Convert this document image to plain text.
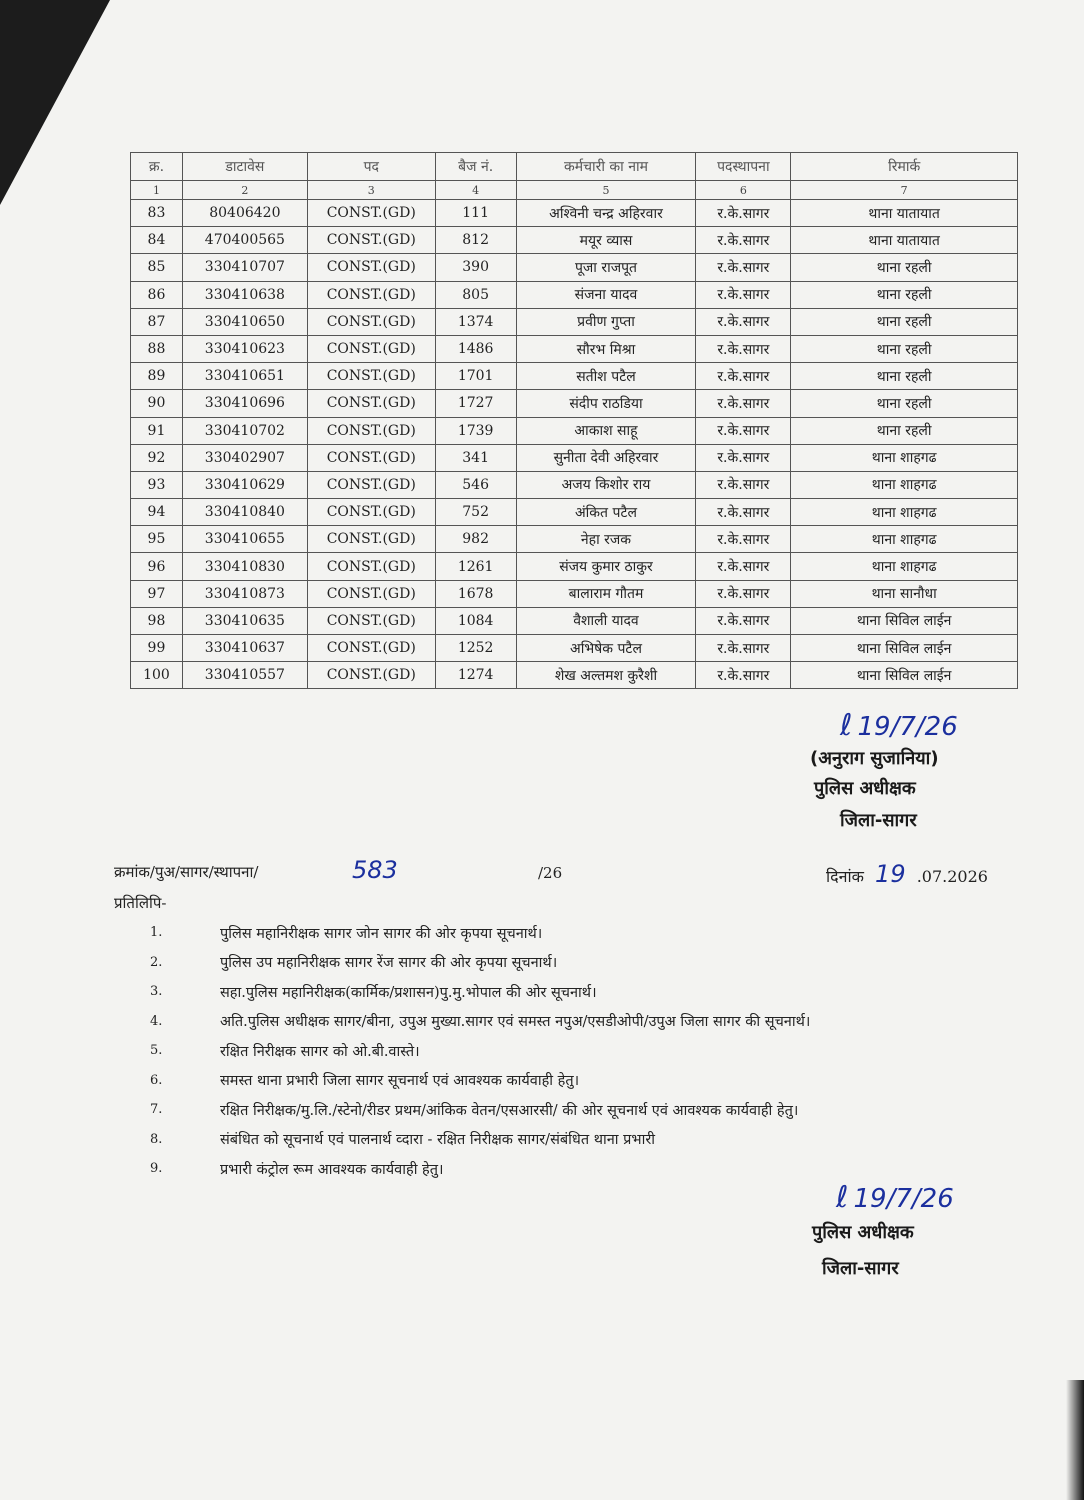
क्र.	डाटावेस	पद	बैज नं.	कर्मचारी का नाम	पदस्थापना	रिमार्क
1	2	3	4	5	6	7
83	80406420	CONST.(GD)	111	अश्विनी चन्द्र अहिरवार	र.के.सागर	थाना यातायात
84	470400565	CONST.(GD)	812	मयूर व्यास	र.के.सागर	थाना यातायात
85	330410707	CONST.(GD)	390	पूजा राजपूत	र.के.सागर	थाना रहली
86	330410638	CONST.(GD)	805	संजना यादव	र.के.सागर	थाना रहली
87	330410650	CONST.(GD)	1374	प्रवीण गुप्ता	र.के.सागर	थाना रहली
88	330410623	CONST.(GD)	1486	सौरभ मिश्रा	र.के.सागर	थाना रहली
89	330410651	CONST.(GD)	1701	सतीश पटैल	र.के.सागर	थाना रहली
90	330410696	CONST.(GD)	1727	संदीप राठडिया	र.के.सागर	थाना रहली
91	330410702	CONST.(GD)	1739	आकाश साहू	र.के.सागर	थाना रहली
92	330402907	CONST.(GD)	341	सुनीता देवी अहिरवार	र.के.सागर	थाना शाहगढ
93	330410629	CONST.(GD)	546	अजय किशोर राय	र.के.सागर	थाना शाहगढ
94	330410840	CONST.(GD)	752	अंकित पटैल	र.के.सागर	थाना शाहगढ
95	330410655	CONST.(GD)	982	नेहा रजक	र.के.सागर	थाना शाहगढ
96	330410830	CONST.(GD)	1261	संजय कुमार ठाकुर	र.के.सागर	थाना शाहगढ
97	330410873	CONST.(GD)	1678	बालाराम गौतम	र.के.सागर	थाना सानौधा
98	330410635	CONST.(GD)	1084	वैशाली यादव	र.के.सागर	थाना सिविल लाईन
99	330410637	CONST.(GD)	1252	अभिषेक पटैल	र.के.सागर	थाना सिविल लाईन
100	330410557	CONST.(GD)	1274	शेख अल्तमश कुरैशी	र.के.सागर	थाना सिविल लाईन
ℓ 19/7/26
(अनुराग सुजानिया)
पुलिस अधीक्षक
जिला-सागर
क्रमांक/पुअ/सागर/स्थापना/	583	/26	दिनांक 19 .07.2026
प्रतिलिपि-
1.	पुलिस महानिरीक्षक सागर जोन सागर की ओर कृपया सूचनार्थ।
2.	पुलिस उप महानिरीक्षक सागर रेंज सागर की ओर कृपया सूचनार्थ।
3.	सहा.पुलिस महानिरीक्षक(कार्मिक/प्रशासन)पु.मु.भोपाल की ओर सूचनार्थ।
4.	अति.पुलिस अधीक्षक सागर/बीना, उपुअ मुख्या.सागर एवं समस्त नपुअ/एसडीओपी/उपुअ जिला सागर की सूचनार्थ।
5.	रक्षित निरीक्षक सागर को ओ.बी.वास्ते।
6.	समस्त थाना प्रभारी जिला सागर सूचनार्थ एवं आवश्यक कार्यवाही हेतु।
7.	रक्षित निरीक्षक/मु.लि./स्टेनो/रीडर प्रथम/आंकिक वेतन/एसआरसी/ की ओर सूचनार्थ एवं आवश्यक कार्यवाही हेतु।
8.	संबंधित को सूचनार्थ एवं पालनार्थ व्दारा - रक्षित निरीक्षक सागर/संबंधित थाना प्रभारी
9.	प्रभारी कंट्रोल रूम आवश्यक कार्यवाही हेतु।
ℓ 19/7/26
पुलिस अधीक्षक
जिला-सागर
